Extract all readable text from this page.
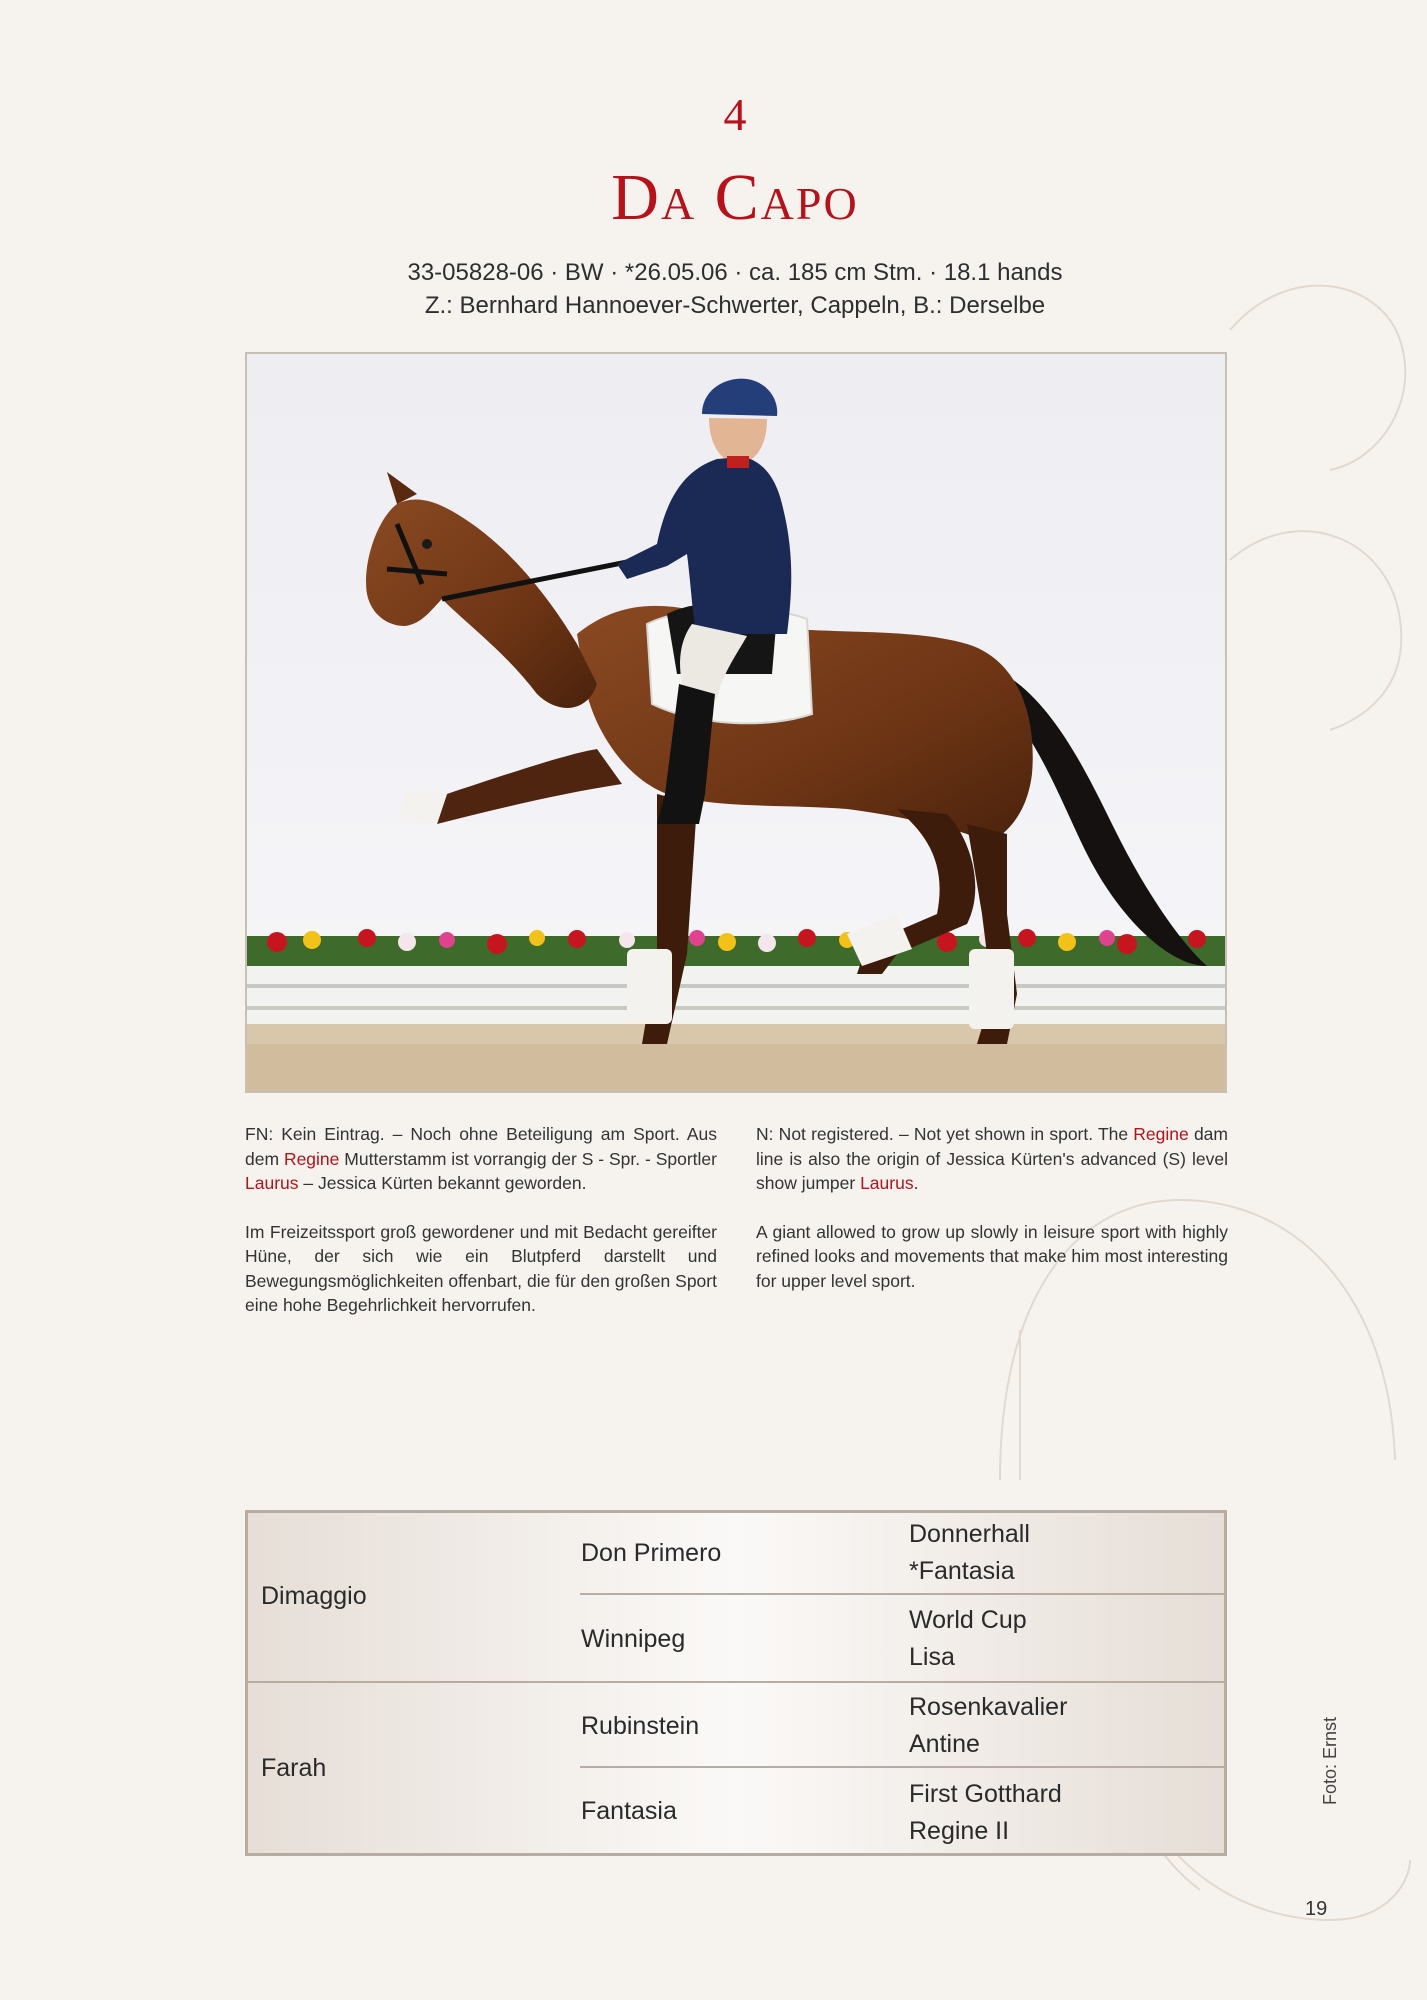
4
Da Capo
33-05828-06 · BW · *26.05.06 · ca. 185 cm Stm. · 18.1 hands
Z.: Bernhard Hannoever-Schwerter, Cappeln, B.: Derselbe

FN: Kein Eintrag. – Noch ohne Beteiligung am Sport. Aus dem Regine Mutterstamm ist vorrangig der S - Spr. - Sportler Laurus – Jessica Kürten bekannt geworden.

Im Freizeitssport groß gewordener und mit Bedacht gereifter Hüne, der sich wie ein Blutpferd darstellt und Bewegungsmöglichkeiten offenbart, die für den großen Sport eine hohe Begehrlichkeit hervorrufen.

N: Not registered. – Not yet shown in sport. The Regine dam line is also the origin of Jessica Kürten's advanced (S) level show jumper Laurus.

A giant allowed to grow up slowly in leisure sport with highly refined looks and movements that make him most interesting for upper level sport.

Dimaggio
Farah
Don Primero
Winnipeg
Rubinstein
Fantasia
Donnerhall
*Fantasia
World Cup
Lisa
Rosenkavalier
Antine
First Gotthard
Regine II
Foto: Ernst
19
